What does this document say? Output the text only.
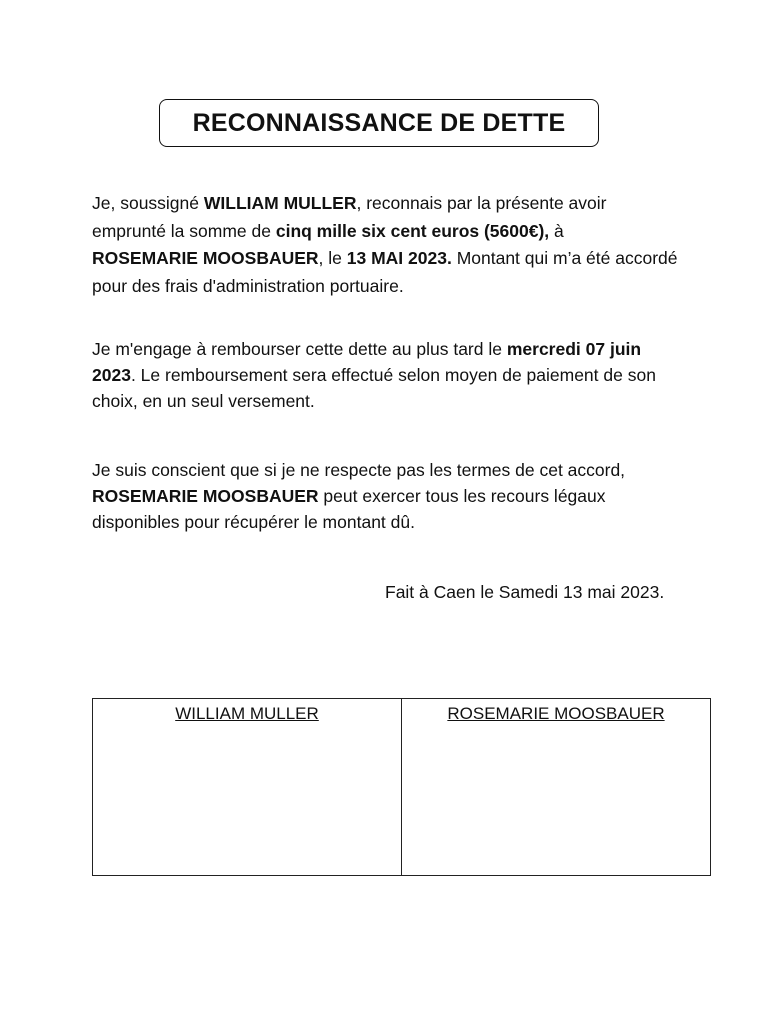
RECONNAISSANCE DE DETTE
Je, soussigné WILLIAM MULLER, reconnais par la présente avoir emprunté la somme de cinq mille six cent euros (5600€), à
ROSEMARIE MOOSBAUER, le 13 MAI 2023. Montant qui m’a été accordé pour des frais d'administration portuaire.
Je m'engage à rembourser cette dette au plus tard le mercredi 07 juin 2023. Le remboursement sera effectué selon moyen de paiement de son choix, en un seul versement.
Je suis conscient que si je ne respecte pas les termes de cet accord,
ROSEMARIE MOOSBAUER peut exercer tous les recours légaux disponibles pour récupérer le montant dû.
Fait à Caen le Samedi 13 mai 2023.
WILLIAM MULLER	ROSEMARIE MOOSBAUER
